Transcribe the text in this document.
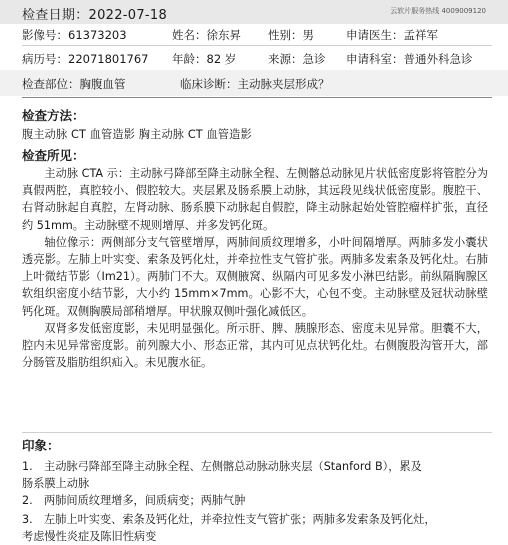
检查日期：2022-07-18	云软片服务热线 4009009120
影像号：61373203	姓名：徐东昇 性别：男	申请医生：孟祥军
病历号：22071801767 年龄：82 岁	来源：急诊 申请科室：普通外科急诊
检查部位：胸腹血管	临床诊断：主动脉夹层形成？
检查方法：
腹主动脉 CT 血管造影 胸主动脉 CT 血管造影
检查所见：

主动脉 CTA 示：主动脉弓降部至降主动脉全程、左侧髂总动脉见片状低密度影将管腔分为真假两腔，真腔较小、假腔较大。夹层累及肠系膜上动脉，其远段见线状低密度影。腹腔干、右肾动脉起自真腔，左肾动脉、肠系膜下动脉起自假腔，降主动脉起始处管腔瘤样扩张，直径约 51mm。主动脉壁不规则增厚、并多发钙化斑。

轴位像示：两侧部分支气管壁增厚，两肺间质纹理增多，小叶间隔增厚。两肺多发小囊状透亮影。左肺上叶实变、索条及钙化灶，并牵拉性支气管扩张。两肺多发索条及钙化灶。右肺上叶微结节影（Im21）。两肺门不大。双侧腋窝、纵隔内可见多发小淋巴结影。前纵隔胸腺区软组织密度小结节影，大小约 15mm×7mm。心影不大，心包不变。主动脉壁及冠状动脉壁钙化斑。双侧胸膜局部稍增厚。甲状腺双侧叶强化减低区。

双肾多发低密度影，未见明显强化。所示肝、脾、胰腺形态、密度未见异常。胆囊不大，腔内未见异常密度影。前列腺大小、形态正常，其内可见点状钙化灶。右侧腹股沟管开大，部分肠管及脂肪组织疝入。未见腹水征。

印象：
1.	主动脉弓降部至降主动脉全程、左侧髂总动脉动脉夹层（Stanford B），累及
肠系膜上动脉
2.	两肺间质纹理增多，间质病变；两肺气肿
3.	左肺上叶实变、索条及钙化灶，并牵拉性支气管扩张；两肺多发索条及钙化灶，
考虑慢性炎症及陈旧性病变
